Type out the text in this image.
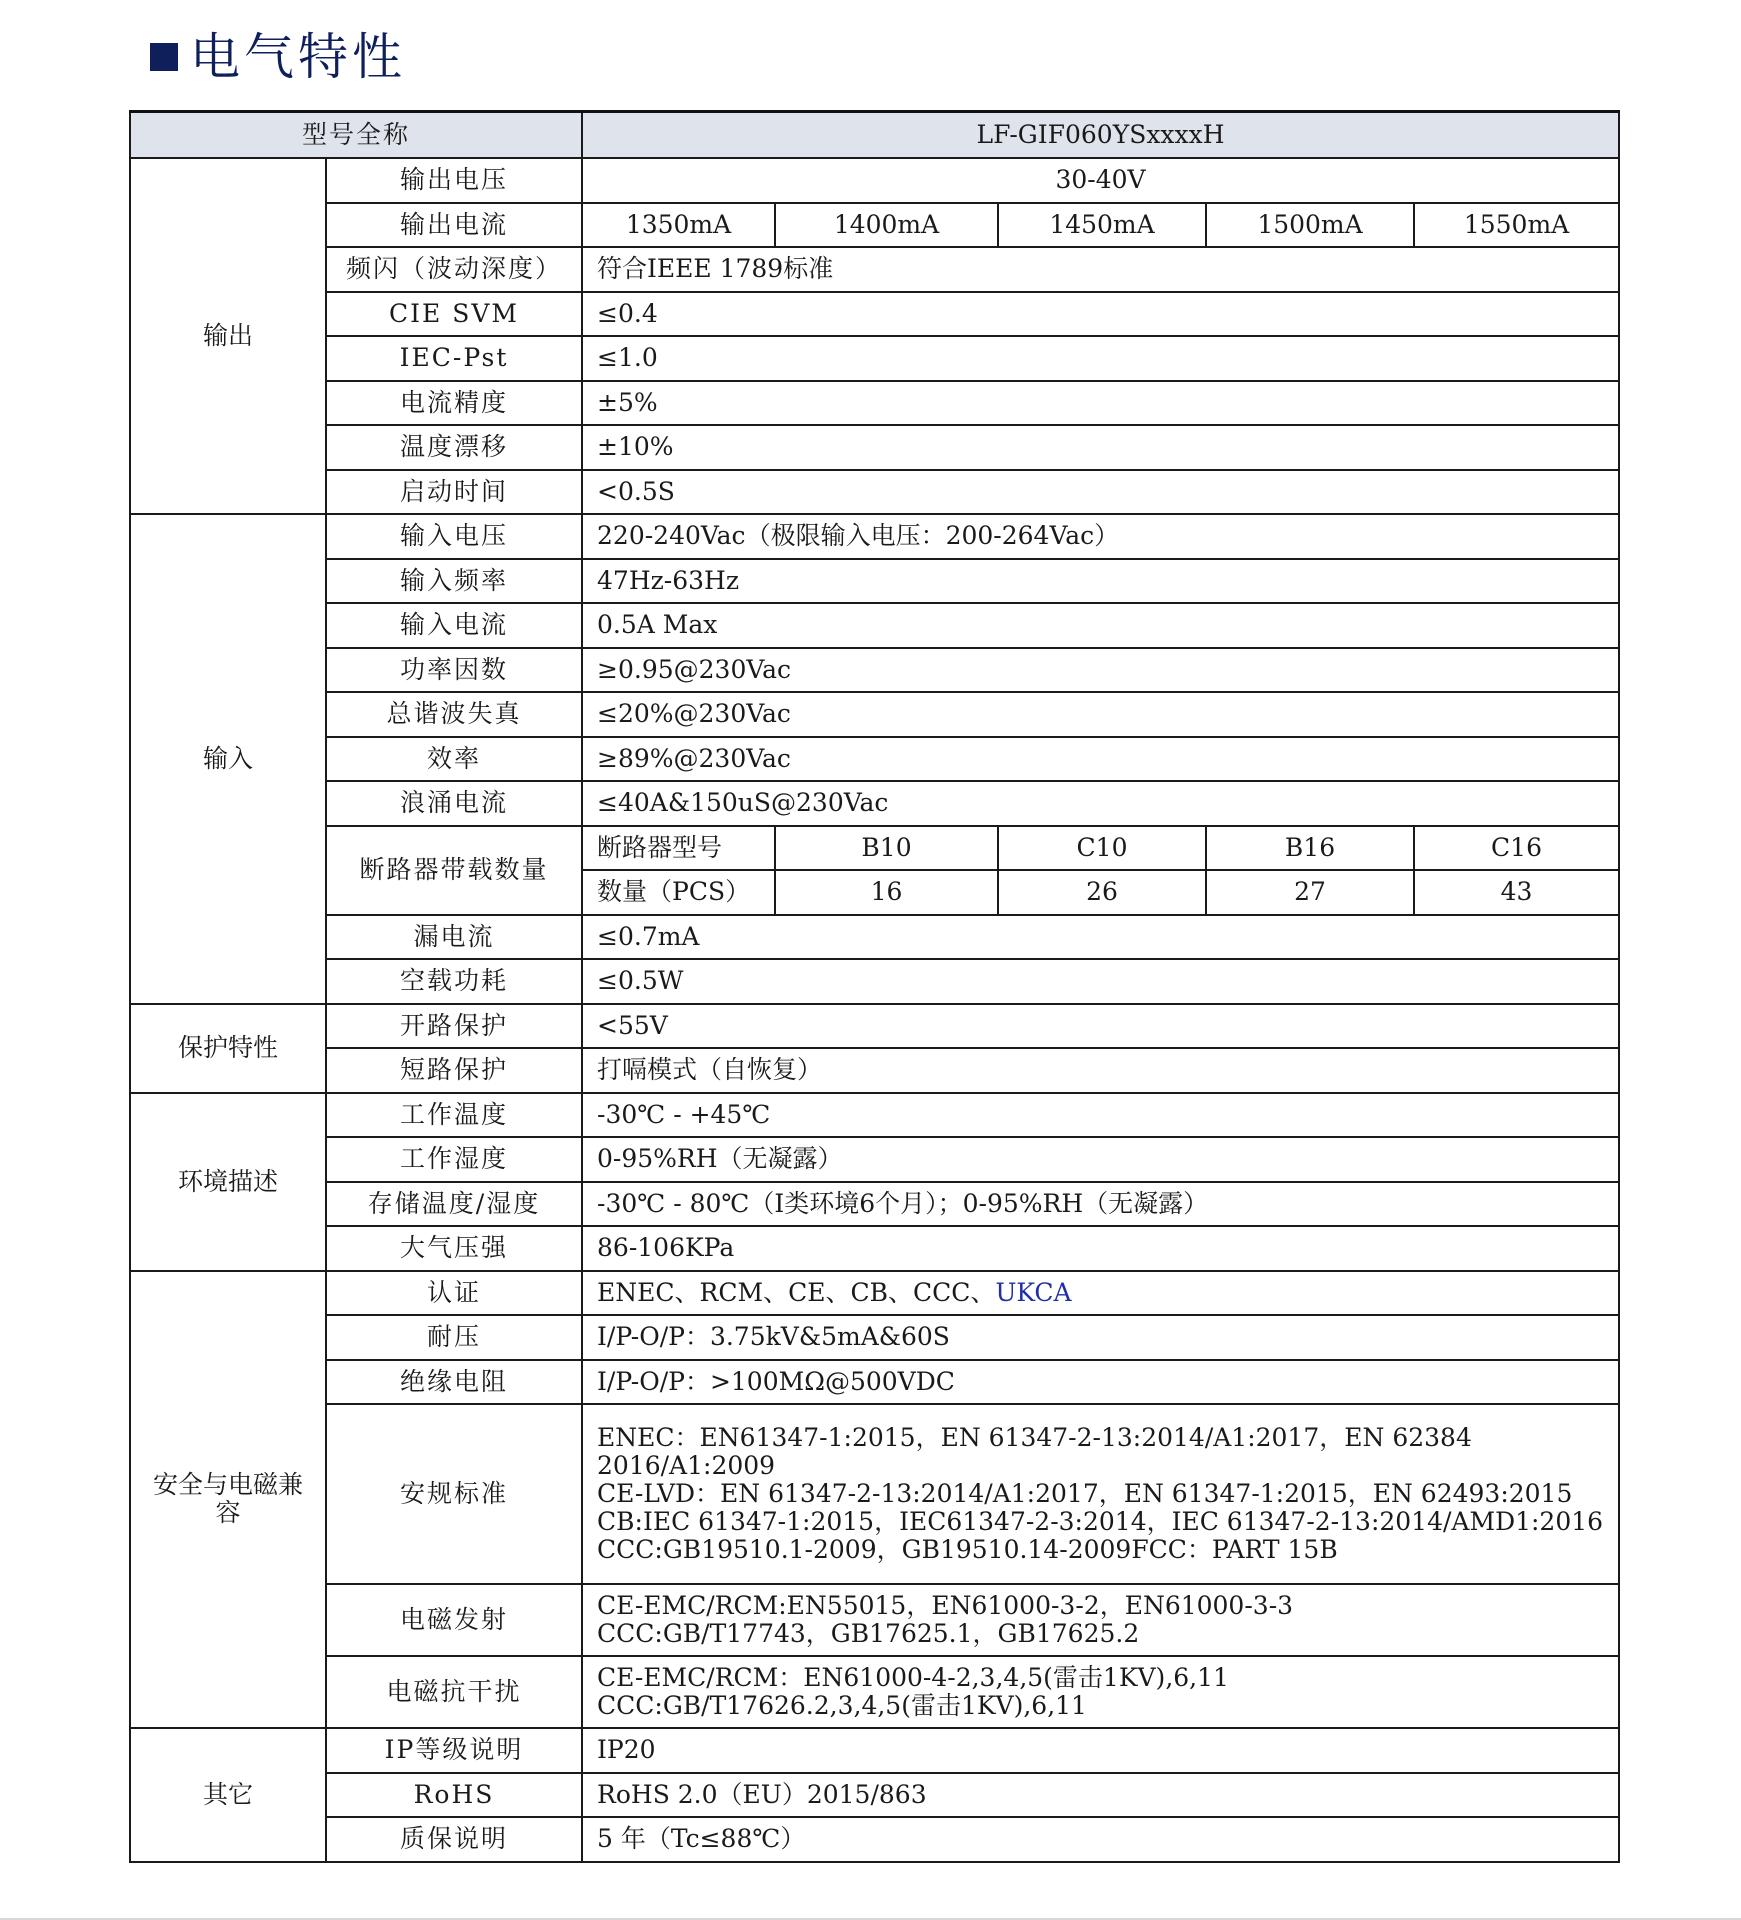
电气特性
型号全称		LF-GIF060YSxxxxH				
输出	输出电压	30-40V				
	输出电流	1350mA	1400mA	1450mA	1500mA	1550mA
	频闪（波动深度）	符合IEEE 1789标准				
	CIE SVM	≤0.4				
	IEC-Pst	≤1.0				
	电流精度	±5%				
	温度漂移	±10%				
	启动时间	<0.5S				
输入	输入电压	220-240Vac（极限输入电压：200-264Vac）				
	输入频率	47Hz-63Hz				
	输入电流	0.5A Max				
	功率因数	≥0.95@230Vac				
	总谐波失真	≤20%@230Vac				
	效率	≥89%@230Vac				
	浪涌电流	≤40A&150uS@230Vac				
	断路器带载数量	断路器型号	B10	C10	B16	C16
		数量（PCS）	16	26	27	43
	漏电流	≤0.7mA				
	空载功耗	≤0.5W				
保护特性	开路保护	<55V				
	短路保护	打嗝模式（自恢复）				
环境描述	工作温度	-30℃ - +45℃				
	工作湿度	0-95%RH（无凝露）				
	存储温度/湿度	-30℃ - 80℃（Ⅰ类环境6个月）；0-95%RH（无凝露）				
	大气压强	86-106KPa				
安全与电磁兼容	认证	ENEC、RCM、CE、CB、CCC、UKCA				
	耐压	I/P-O/P：3.75kV&5mA&60S				
	绝缘电阻	I/P-O/P：>100MΩ@500VDC				
	安规标准	ENEC：EN61347-1:2015，EN 61347-2-13:2014/A1:2017，EN 62384
2016/A1:2009
CE-LVD：EN 61347-2-13:2014/A1:2017，EN 61347-1:2015，EN 62493:2015
CB:IEC 61347-1:2015，IEC61347-2-3:2014，IEC 61347-2-13:2014/AMD1:2016
CCC:GB19510.1-2009，GB19510.14-2009FCC：PART 15B				

	电磁发射	CE-EMC/RCM:EN55015，EN61000-3-2，EN61000-3-3
CCC:GB/T17743，GB17625.1，GB17625.2				

	电磁抗干扰	CE-EMC/RCM：EN61000-4-2,3,4,5(雷击1KV),6,11
CCC:GB/T17626.2,3,4,5(雷击1KV),6,11				

其它	IP等级说明	IP20				
	RoHS	RoHS 2.0（EU）2015/863				
	质保说明	5 年（Tc≤88℃）				
